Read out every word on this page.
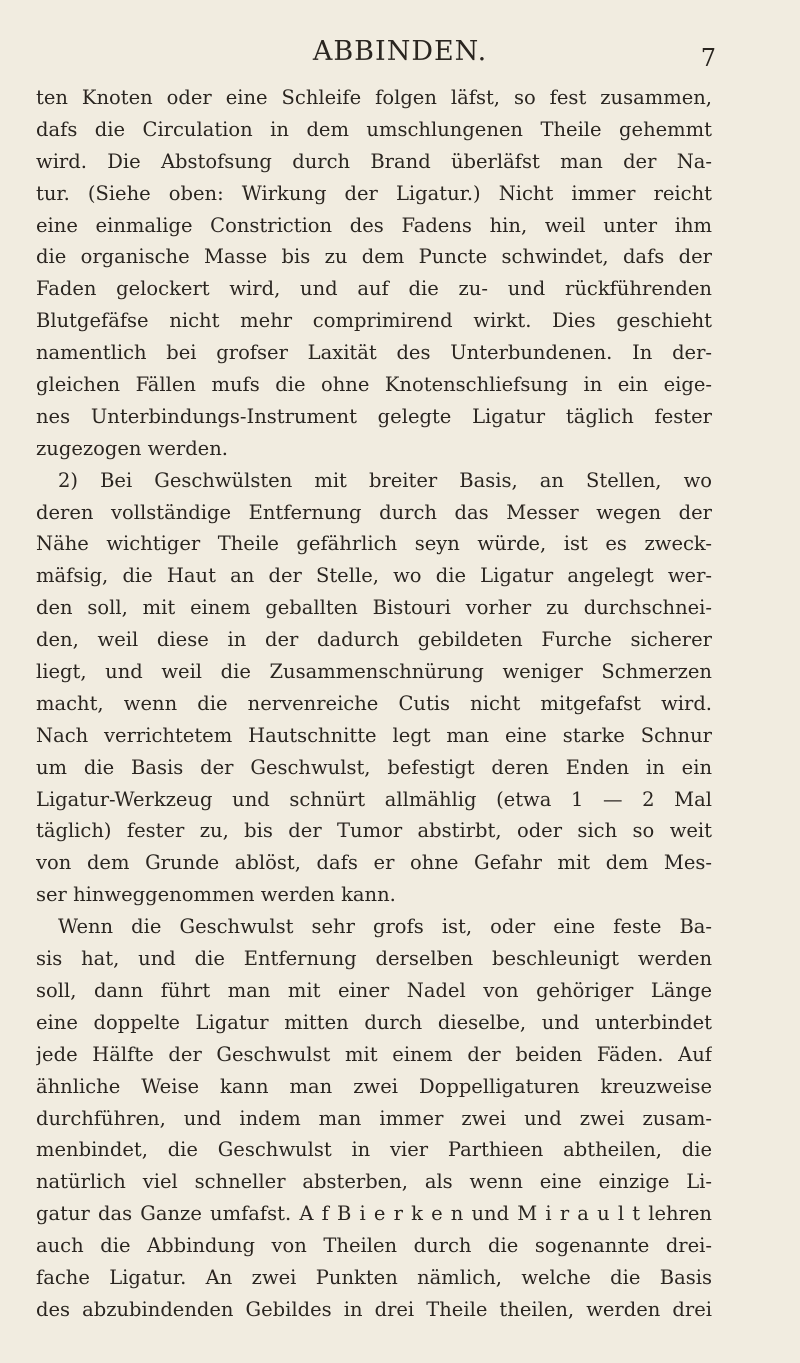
ABBINDEN.	7
ten Knoten oder eine Schleife folgen läfst, so fest zusammen,
dafs die Circulation in dem umschlungenen Theile gehemmt
wird. Die Abstofsung durch Brand überläfst man der Na-
tur. (Siehe oben: Wirkung der Ligatur.) Nicht immer reicht
eine einmalige Constriction des Fadens hin, weil unter ihm
die organische Masse bis zu dem Puncte schwindet, dafs der
Faden gelockert wird, und auf die zu- und rückführenden
Blutgefäfse nicht mehr comprimirend wirkt. Dies geschieht
namentlich bei grofser Laxität des Unterbundenen. In der-
gleichen Fällen mufs die ohne Knotenschliefsung in ein eige-
nes Unterbindungs-Instrument gelegte Ligatur täglich fester
zugezogen werden.
2) Bei Geschwülsten mit breiter Basis, an Stellen, wo
deren vollständige Entfernung durch das Messer wegen der
Nähe wichtiger Theile gefährlich seyn würde, ist es zweck-
mäfsig, die Haut an der Stelle, wo die Ligatur angelegt wer-
den soll, mit einem geballten Bistouri vorher zu durchschnei-
den, weil diese in der dadurch gebildeten Furche sicherer
liegt, und weil die Zusammenschnürung weniger Schmerzen
macht, wenn die nervenreiche Cutis nicht mitgefafst wird.
Nach verrichtetem Hautschnitte legt man eine starke Schnur
um die Basis der Geschwulst, befestigt deren Enden in ein
Ligatur-Werkzeug und schnürt allmählig (etwa 1 — 2 Mal
täglich) fester zu, bis der Tumor abstirbt, oder sich so weit
von dem Grunde ablöst, dafs er ohne Gefahr mit dem Mes-
ser hinweggenommen werden kann.
Wenn die Geschwulst sehr grofs ist, oder eine feste Ba-
sis hat, und die Entfernung derselben beschleunigt werden
soll, dann führt man mit einer Nadel von gehöriger Länge
eine doppelte Ligatur mitten durch dieselbe, und unterbindet
jede Hälfte der Geschwulst mit einem der beiden Fäden. Auf
ähnliche Weise kann man zwei Doppelligaturen kreuzweise
durchführen, und indem man immer zwei und zwei zusam-
menbindet, die Geschwulst in vier Parthieen abtheilen, die
natürlich viel schneller absterben, als wenn eine einzige Li-
gatur das Ganze umfafst. A f B i e r k e n und M i r a u l t lehren
auch die Abbindung von Theilen durch die sogenannte drei-
fache Ligatur. An zwei Punkten nämlich, welche die Basis
des abzubindenden Gebildes in drei Theile theilen, werden drei
